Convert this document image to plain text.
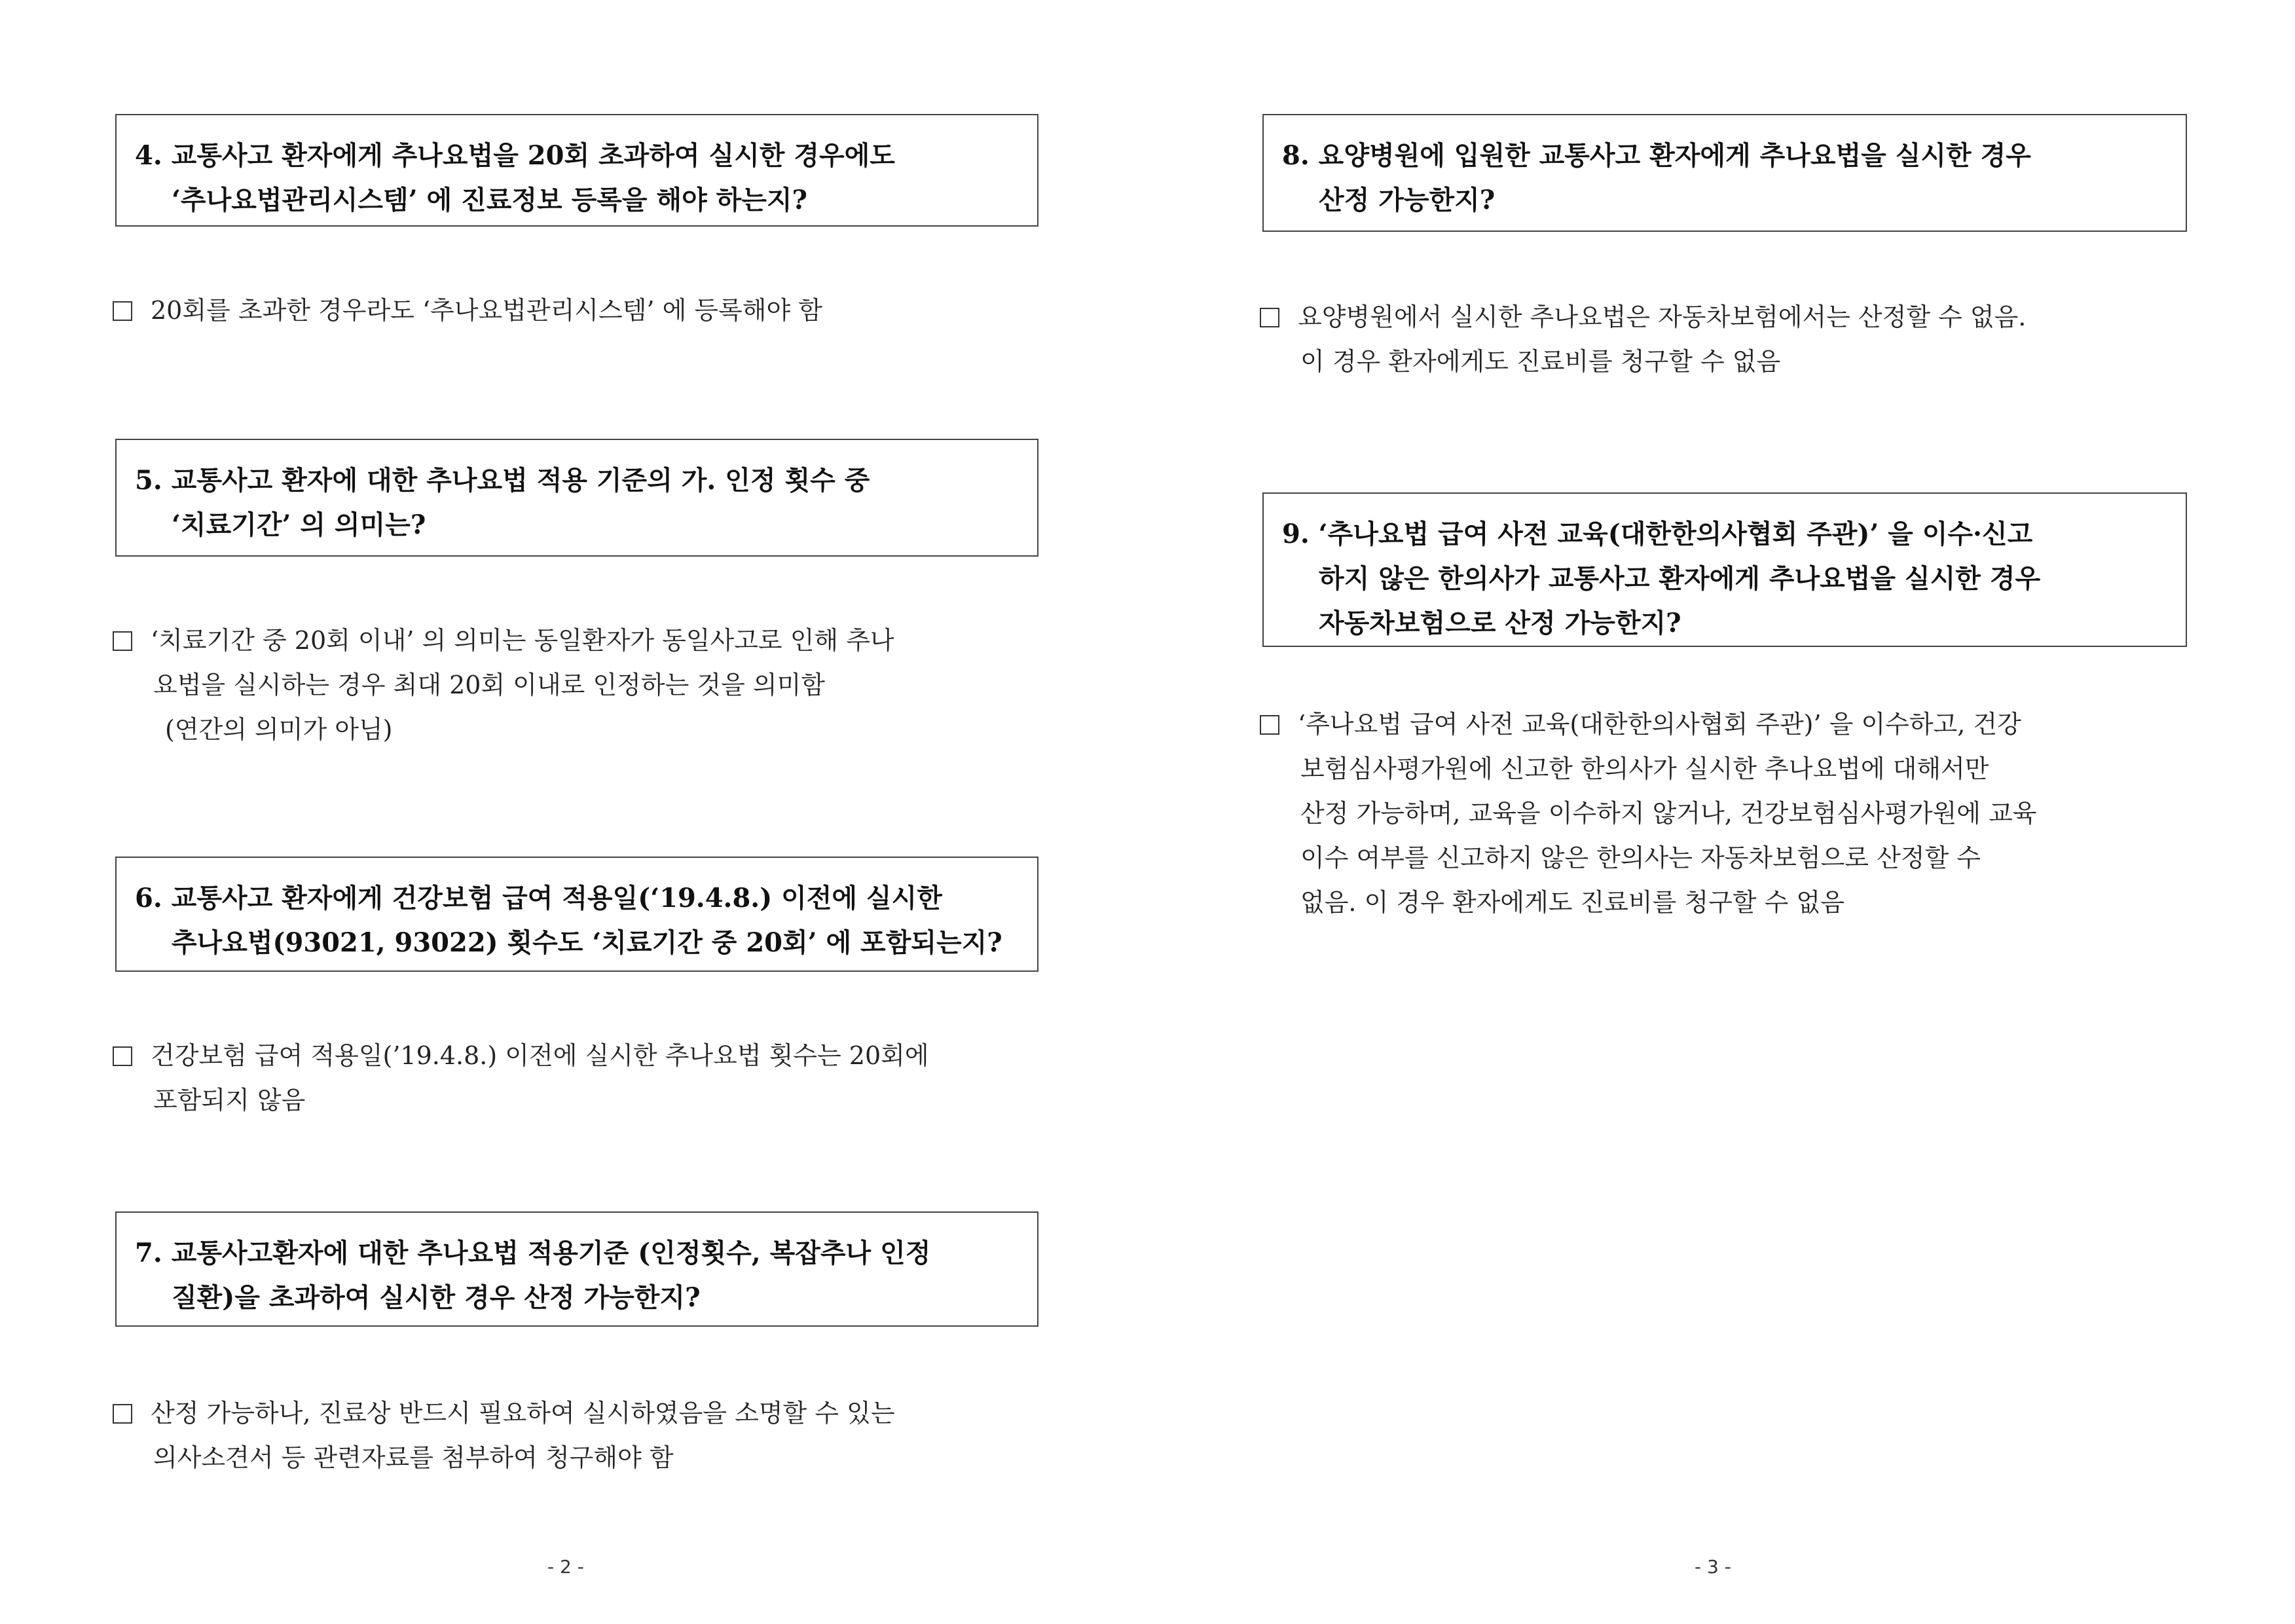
4. 교통사고 환자에게 추나요법을 20회 초과하여 실시한 경우에도
‘추나요법관리시스템’ 에 진료정보 등록을 해야 하는지?
20회를 초과한 경우라도 ‘추나요법관리시스템’ 에 등록해야 함
5. 교통사고 환자에 대한 추나요법 적용 기준의 가. 인정 횟수 중
‘치료기간’ 의 의미는?
‘치료기간 중 20회 이내’ 의 의미는 동일환자가 동일사고로 인해 추나
요법을 실시하는 경우 최대 20회 이내로 인정하는 것을 의미함
(연간의 의미가 아님)
6. 교통사고 환자에게 건강보험 급여 적용일(‘19.4.8.) 이전에 실시한
추나요법(93021, 93022) 횟수도 ‘치료기간 중 20회’ 에 포함되는지?
건강보험 급여 적용일(’19.4.8.) 이전에 실시한 추나요법 횟수는 20회에
포함되지 않음
7. 교통사고환자에 대한 추나요법 적용기준 (인정횟수, 복잡추나 인정
질환)을 초과하여 실시한 경우 산정 가능한지?
산정 가능하나, 진료상 반드시 필요하여 실시하였음을 소명할 수 있는
의사소견서 등 관련자료를 첨부하여 청구해야 함
- 2 -
8. 요양병원에 입원한 교통사고 환자에게 추나요법을 실시한 경우
산정 가능한지?
요양병원에서 실시한 추나요법은 자동차보험에서는 산정할 수 없음.
이 경우 환자에게도 진료비를 청구할 수 없음
9. ‘추나요법 급여 사전 교육(대한한의사협회 주관)’ 을 이수·신고
하지 않은 한의사가 교통사고 환자에게 추나요법을 실시한 경우
자동차보험으로 산정 가능한지?
‘추나요법 급여 사전 교육(대한한의사협회 주관)’ 을 이수하고, 건강
보험심사평가원에 신고한 한의사가 실시한 추나요법에 대해서만
산정 가능하며, 교육을 이수하지 않거나, 건강보험심사평가원에 교육
이수 여부를 신고하지 않은 한의사는 자동차보험으로 산정할 수
없음. 이 경우 환자에게도 진료비를 청구할 수 없음
- 3 -
